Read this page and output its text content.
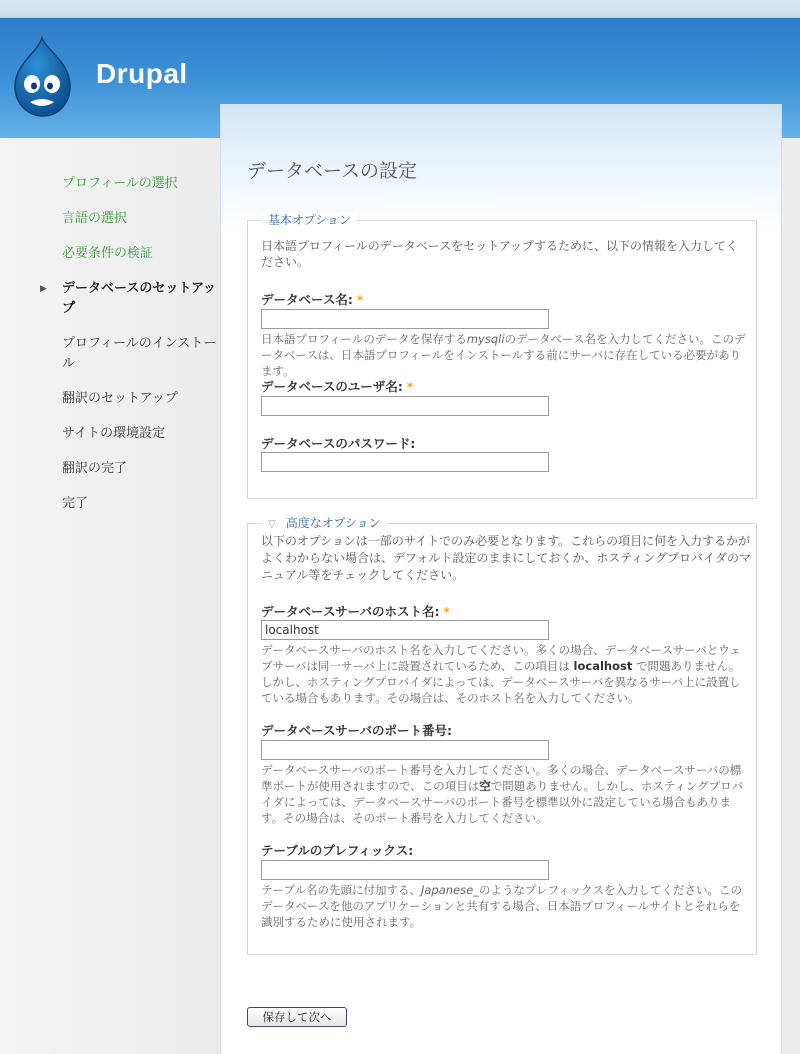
Drupal
プロフィールの選択
言語の選択
必要条件の検証
▶ データベースのセットアップ
プロフィールのインストール
翻訳のセットアップ
サイトの環境設定
翻訳の完了
完了
データベースの設定
基本オプション
日本語プロフィールのデータベースをセットアップするために、以下の情報を入力してください。
データベース名: *
日本語プロフィールのデータを保存するmysqliのデータベース名を入力してください。このデータベースは、日本語プロフィールをインストールする前にサーバに存在している必要があります。
データベースのユーザ名: *
データベースのパスワード:
▽ 高度なオプション
以下のオプションは一部のサイトでのみ必要となります。これらの項目に何を入力するかがよくわからない場合は、デフォルト設定のままにしておくか、ホスティングプロバイダのマニュアル等をチェックしてください。
データベースサーバのホスト名: *
localhost
データベースサーバのホスト名を入力してください。多くの場合、データベースサーバとウェブサーバは同一サーバ上に設置されているため、この項目は localhost で問題ありません。しかし、ホスティングプロバイダによっては、データベースサーバを異なるサーバ上に設置している場合もあります。その場合は、そのホスト名を入力してください。
データベースサーバのポート番号:
データベースサーバのポート番号を入力してください。多くの場合、データベースサーバの標準ポートが使用されますので、この項目は空で問題ありません。しかし、ホスティングプロバイダによっては、データベースサーバのポート番号を標準以外に設定している場合もあります。その場合は、そのポート番号を入力してください。
テーブルのプレフィックス:
テーブル名の先頭に付加する、Japanese_のようなプレフィックスを入力してください。このデータベースを他のアプリケーションと共有する場合、日本語プロフィールサイトとそれらを識別するために使用されます。
保存して次へ
